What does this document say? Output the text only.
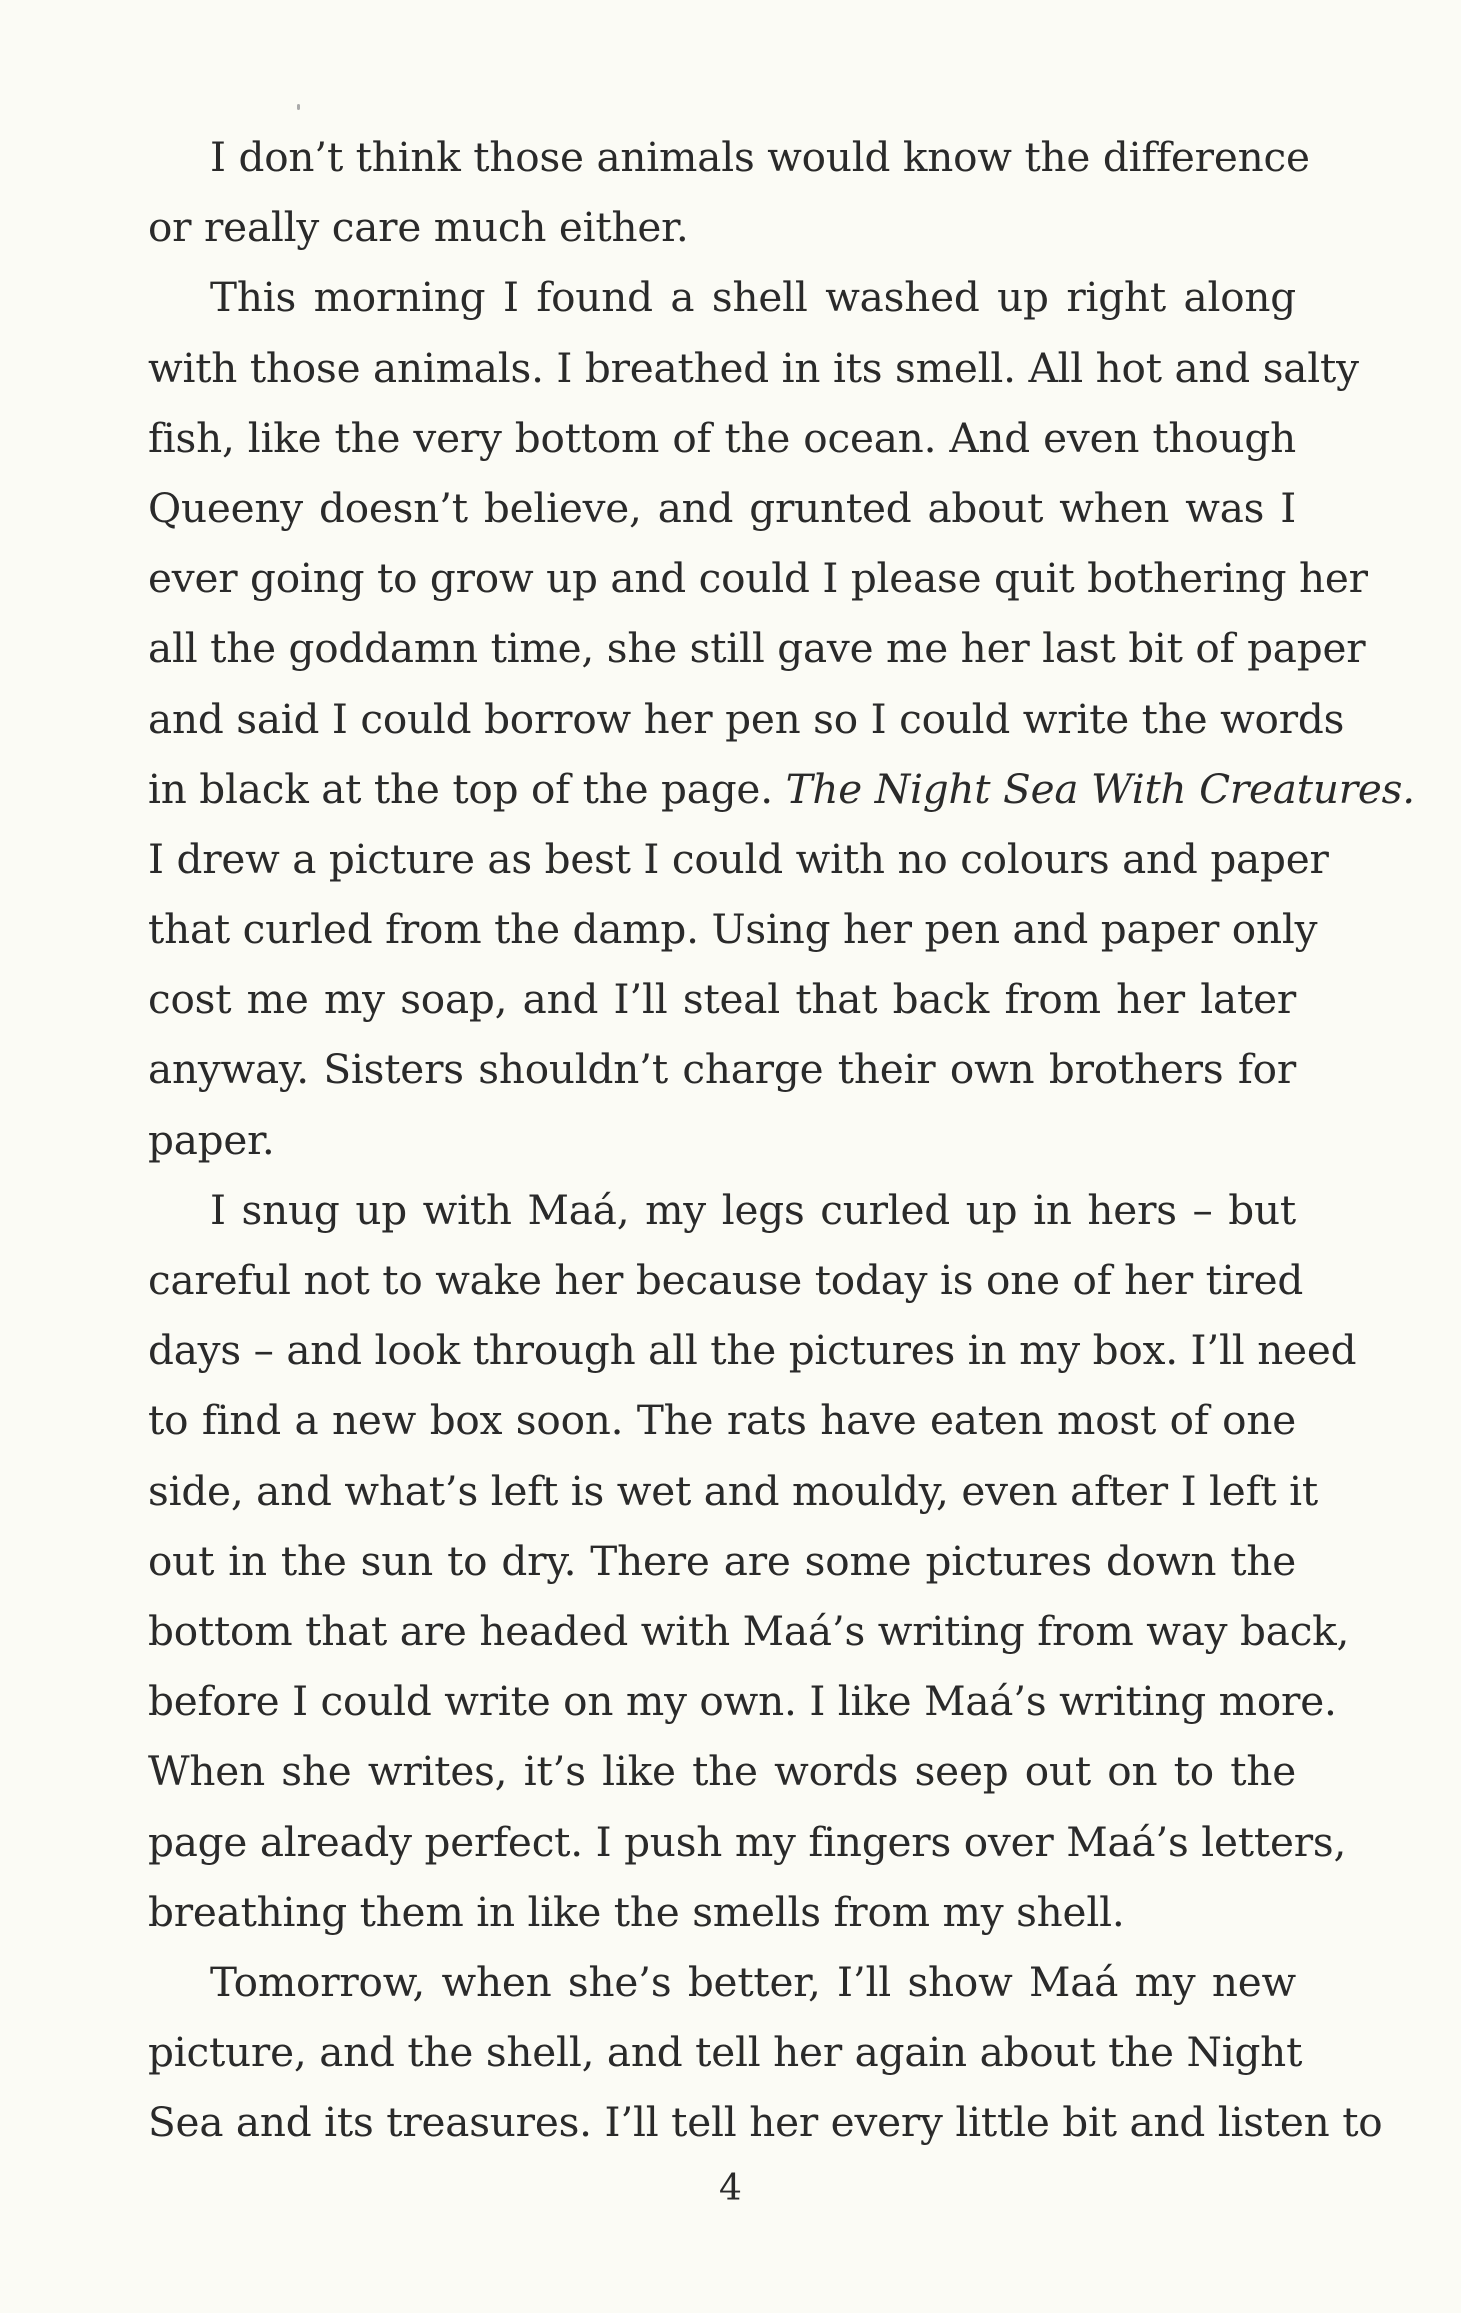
I don’t think those animals would know the difference
or really care much either.
This morning I found a shell washed up right along
with those animals. I breathed in its smell. All hot and salty
fish, like the very bottom of the ocean. And even though
Queeny doesn’t believe, and grunted about when was I
ever going to grow up and could I please quit bothering her
all the goddamn time, she still gave me her last bit of paper
and said I could borrow her pen so I could write the words
in black at the top of the page. The Night Sea With Creatures.
I drew a picture as best I could with no colours and paper
that curled from the damp. Using her pen and paper only
cost me my soap, and I’ll steal that back from her later
anyway. Sisters shouldn’t charge their own brothers for
paper.
I snug up with Maá, my legs curled up in hers – but
careful not to wake her because today is one of her tired
days – and look through all the pictures in my box. I’ll need
to find a new box soon. The rats have eaten most of one
side, and what’s left is wet and mouldy, even after I left it
out in the sun to dry. There are some pictures down the
bottom that are headed with Maá’s writing from way back,
before I could write on my own. I like Maá’s writing more.
When she writes, it’s like the words seep out on to the
page already perfect. I push my fingers over Maá’s letters,
breathing them in like the smells from my shell.
Tomorrow, when she’s better, I’ll show Maá my new
picture, and the shell, and tell her again about the Night
Sea and its treasures. I’ll tell her every little bit and listen to
4
